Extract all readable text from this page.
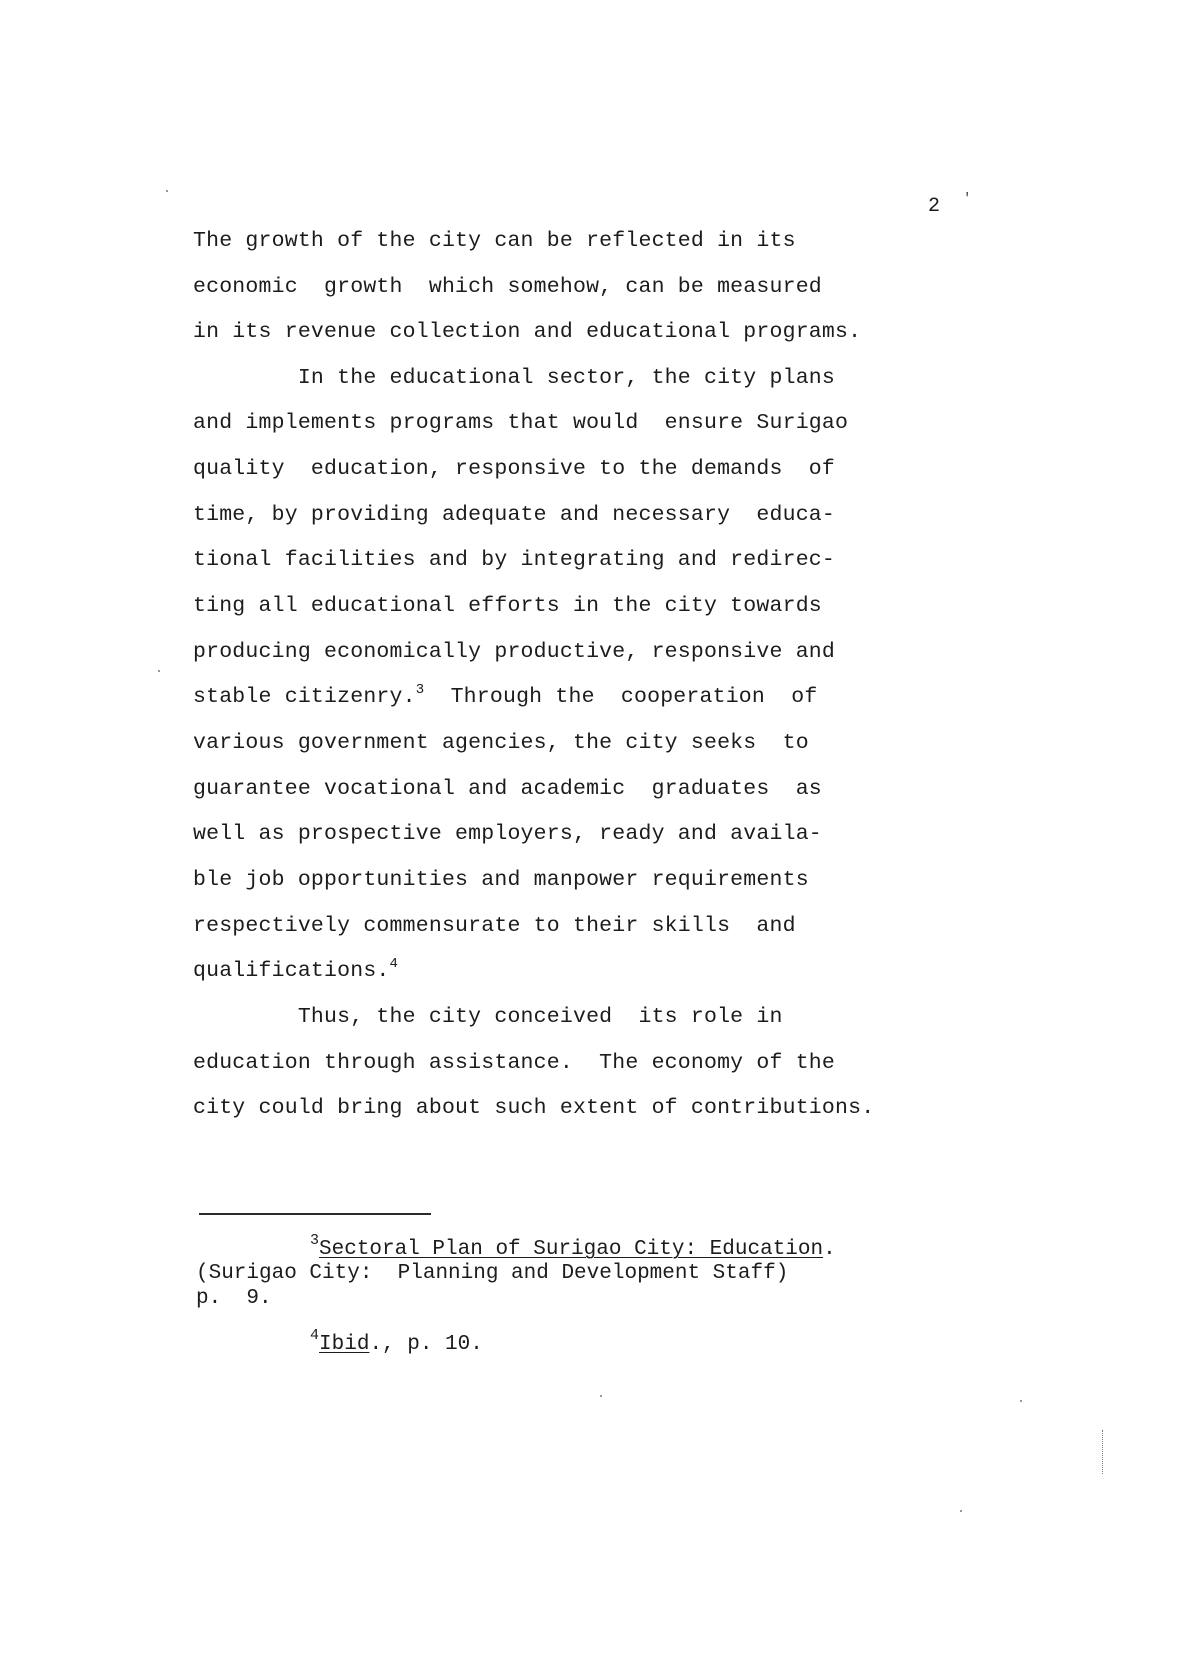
2 '
The growth of the city can be reflected in its
economic  growth  which somehow, can be measured
in its revenue collection and educational programs.
In the educational sector, the city plans
and implements programs that would  ensure Surigao
quality  education, responsive to the demands  of
time, by providing adequate and necessary  educa-
tional facilities and by integrating and redirec-
ting all educational efforts in the city towards
producing economically productive, responsive and
stable citizenry.$^3$  Through the  cooperation  of
various government agencies, the city seeks  to
guarantee vocational and academic  graduates  as
well as prospective employers, ready and availa-
ble job opportunities and manpower requirements
respectively commensurate to their skills  and
qualifications.$^4$
Thus, the city conceived  its role in
education through assistance.  The economy of the
city could bring about such extent of contributions.
$^3$Sectoral Plan of Surigao City: Education.
(Surigao City:  Planning and Development Staff)
p.  9.
$^4$Ibid., p. 10.
